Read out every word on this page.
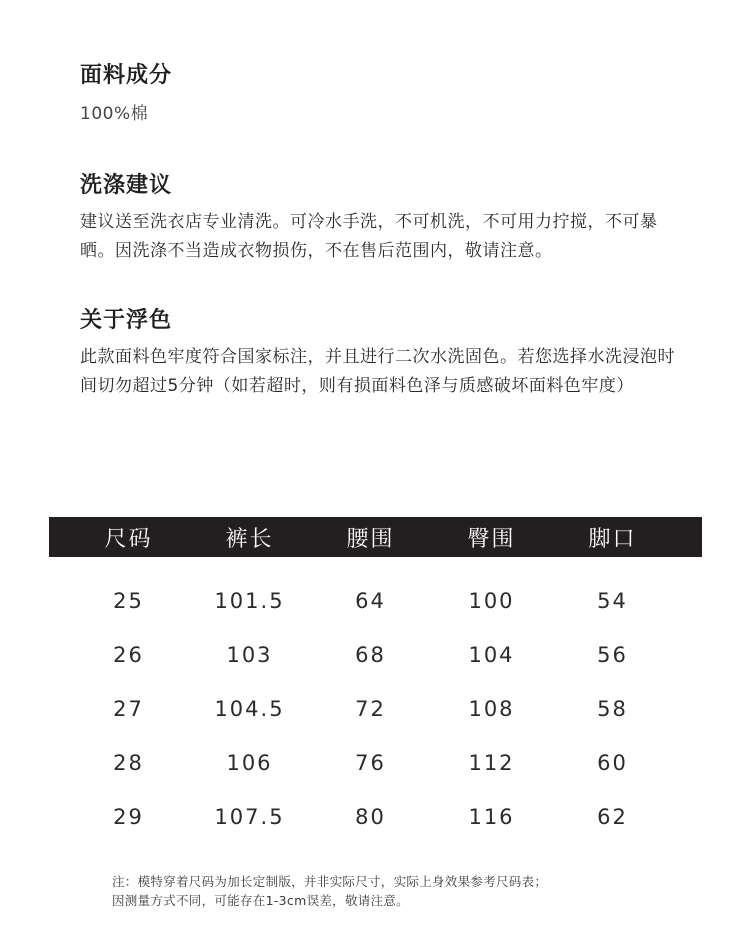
面料成分

100%棉

洗涤建议

建议送至洗衣店专业清洗。可冷水手洗，不可机洗，不可用力拧搅，不可暴晒。因洗涤不当造成衣物损伤，不在售后范围内，敬请注意。

关于浮色

此款面料色牢度符合国家标注，并且进行二次水洗固色。若您选择水洗浸泡时间切勿超过5分钟（如若超时，则有损面料色泽与质感破坏面料色牢度）

尺码	裤长	腰围	臀围	脚口
25	101.5	64	100	54
26	103	68	104	56
27	104.5	72	108	58
28	106	76	112	60
29	107.5	80	116	62
注：模特穿着尺码为加长定制版，并非实际尺寸，实际上身效果参考尺码表；
因测量方式不同，可能存在1-3cm误差，敬请注意。
